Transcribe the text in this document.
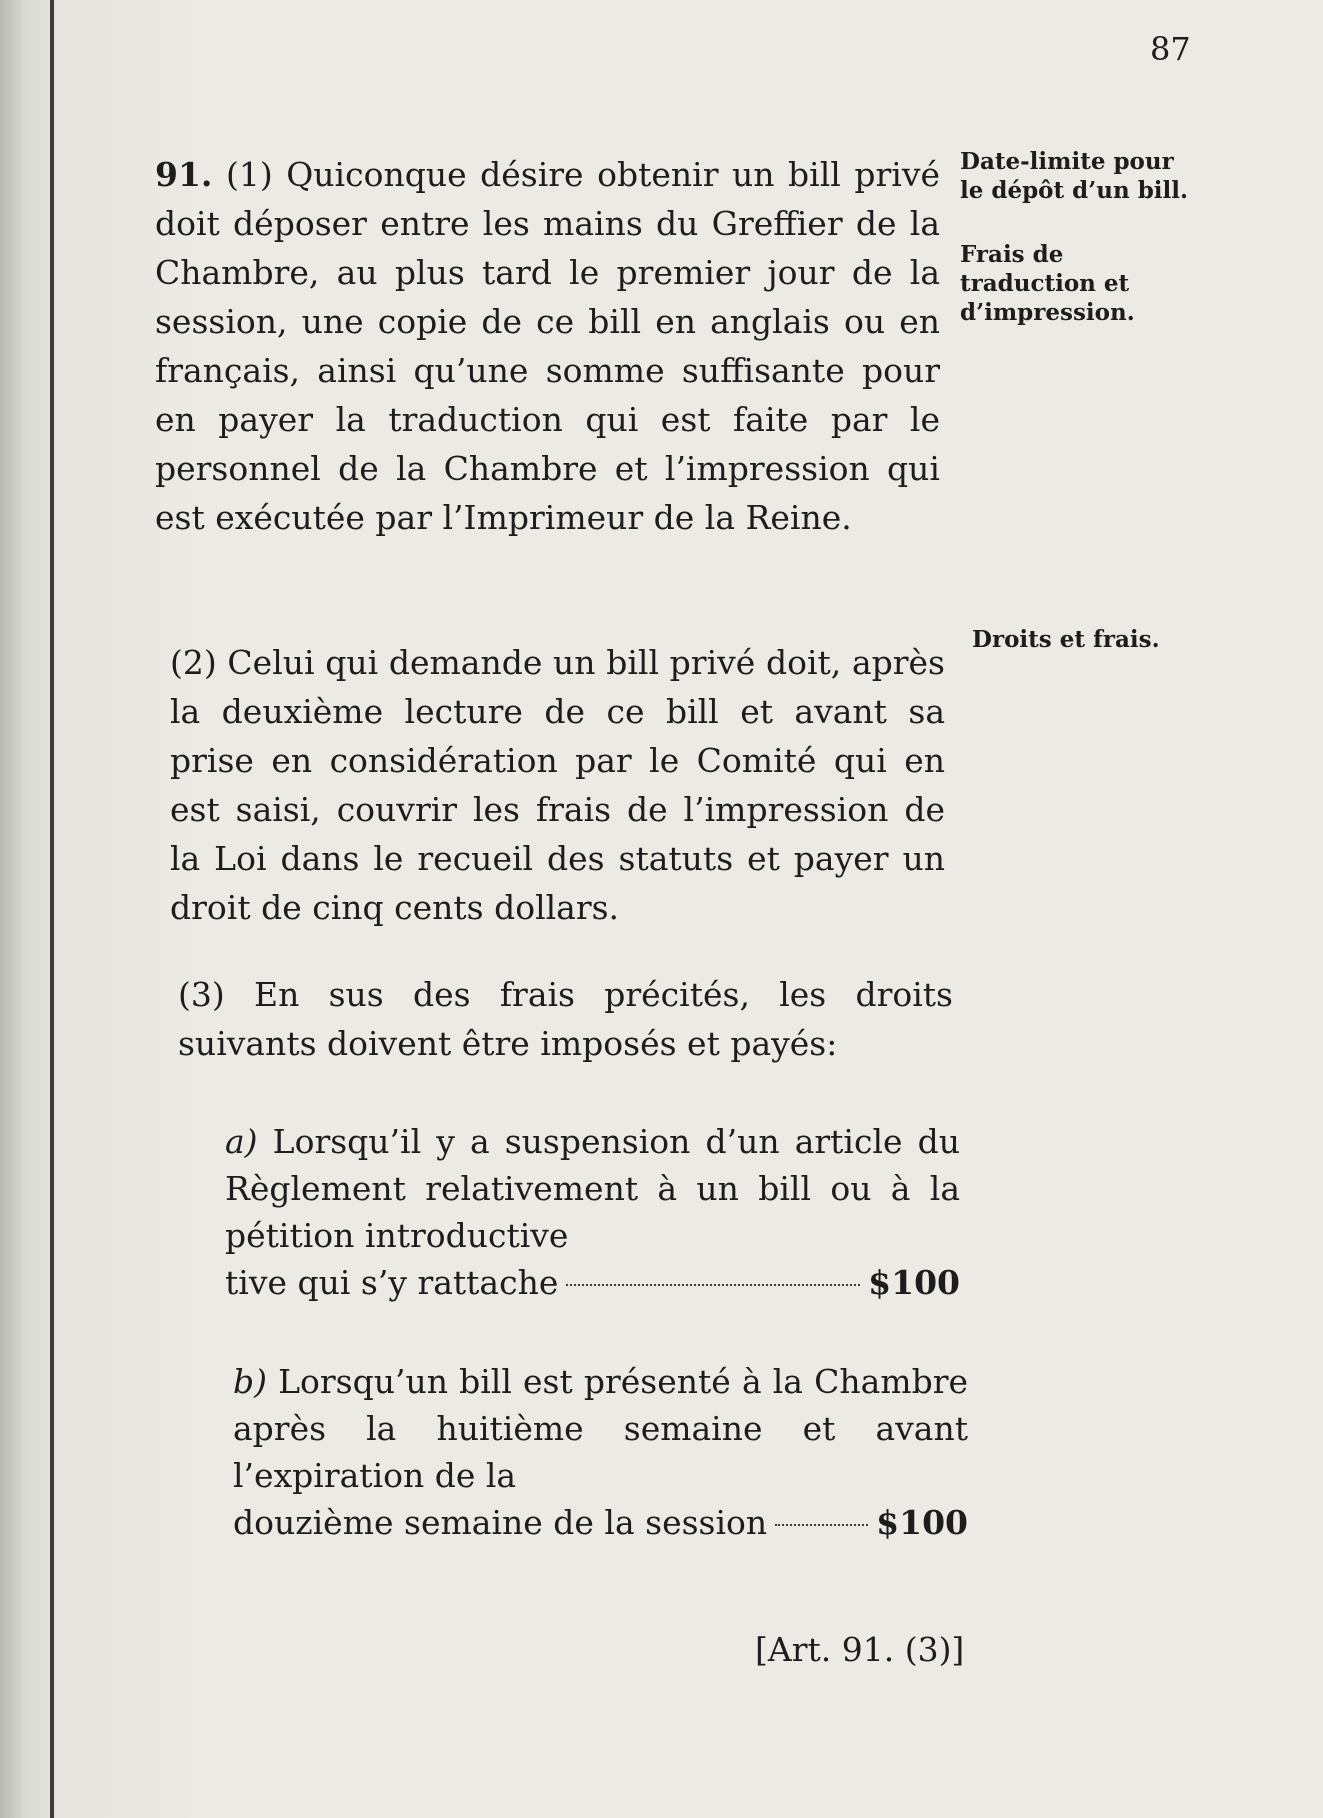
87
91. (1) Quiconque désire obtenir un bill privé doit déposer entre les mains du Greffier de la Chambre, au plus tard le premier jour de la session, une copie de ce bill en anglais ou en français, ainsi qu’une somme suffisante pour en payer la traduction qui est faite par le personnel de la Chambre et l’impression qui est exécutée par l’Imprimeur de la Reine.
(2) Celui qui demande un bill privé doit, après la deuxième lecture de ce bill et avant sa prise en considération par le Comité qui en est saisi, couvrir les frais de l’impression de la Loi dans le recueil des statuts et payer un droit de cinq cents dollars.
(3) En sus des frais précités, les droits suivants doivent être imposés et payés:
a) Lorsqu’il y a suspension d’un article du Règlement relativement à un bill ou à la pétition introductive
tive qui s’y rattache	$100
b) Lorsqu’un bill est présenté à la Chambre après la huitième semaine et avant l’expiration de la
douzième semaine de la session	$100
Date-limite pour le dépôt d’un bill.
Frais de traduction et d’impression.
Droits et frais.
[Art. 91. (3)]
